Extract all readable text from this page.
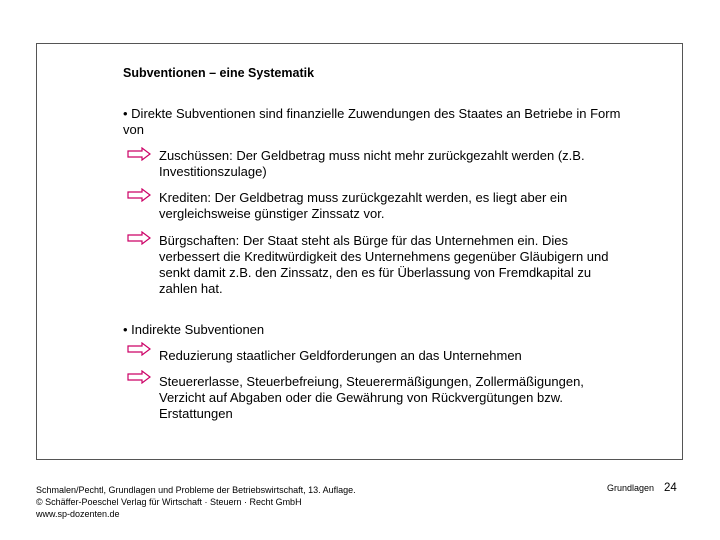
Subventionen – eine Systematik
• Direkte Subventionen sind finanzielle Zuwendungen des Staates an Betriebe in Form von
Zuschüssen: Der Geldbetrag muss nicht mehr zurückgezahlt werden (z.B. Investitionszulage)
Krediten: Der Geldbetrag muss zurückgezahlt werden, es liegt aber ein vergleichsweise günstiger Zinssatz vor.
Bürgschaften: Der Staat steht als Bürge für das Unternehmen ein. Dies verbessert die Kreditwürdigkeit des Unternehmens gegenüber Gläubigern und senkt damit z.B. den Zinssatz, den es für Überlassung von Fremdkapital zu zahlen hat.
• Indirekte Subventionen
Reduzierung staatlicher Geldforderungen an das Unternehmen
Steuererlasse, Steuerbefreiung, Steuerermäßigungen, Zollermäßigungen, Verzicht auf Abgaben oder die Gewährung von Rückvergütungen bzw. Erstattungen
Schmalen/Pechtl, Grundlagen und Probleme der Betriebswirtschaft, 13. Auflage.
© Schäffer-Poeschel Verlag für Wirtschaft · Steuern · Recht GmbH
www.sp-dozenten.de
Grundlagen 24
